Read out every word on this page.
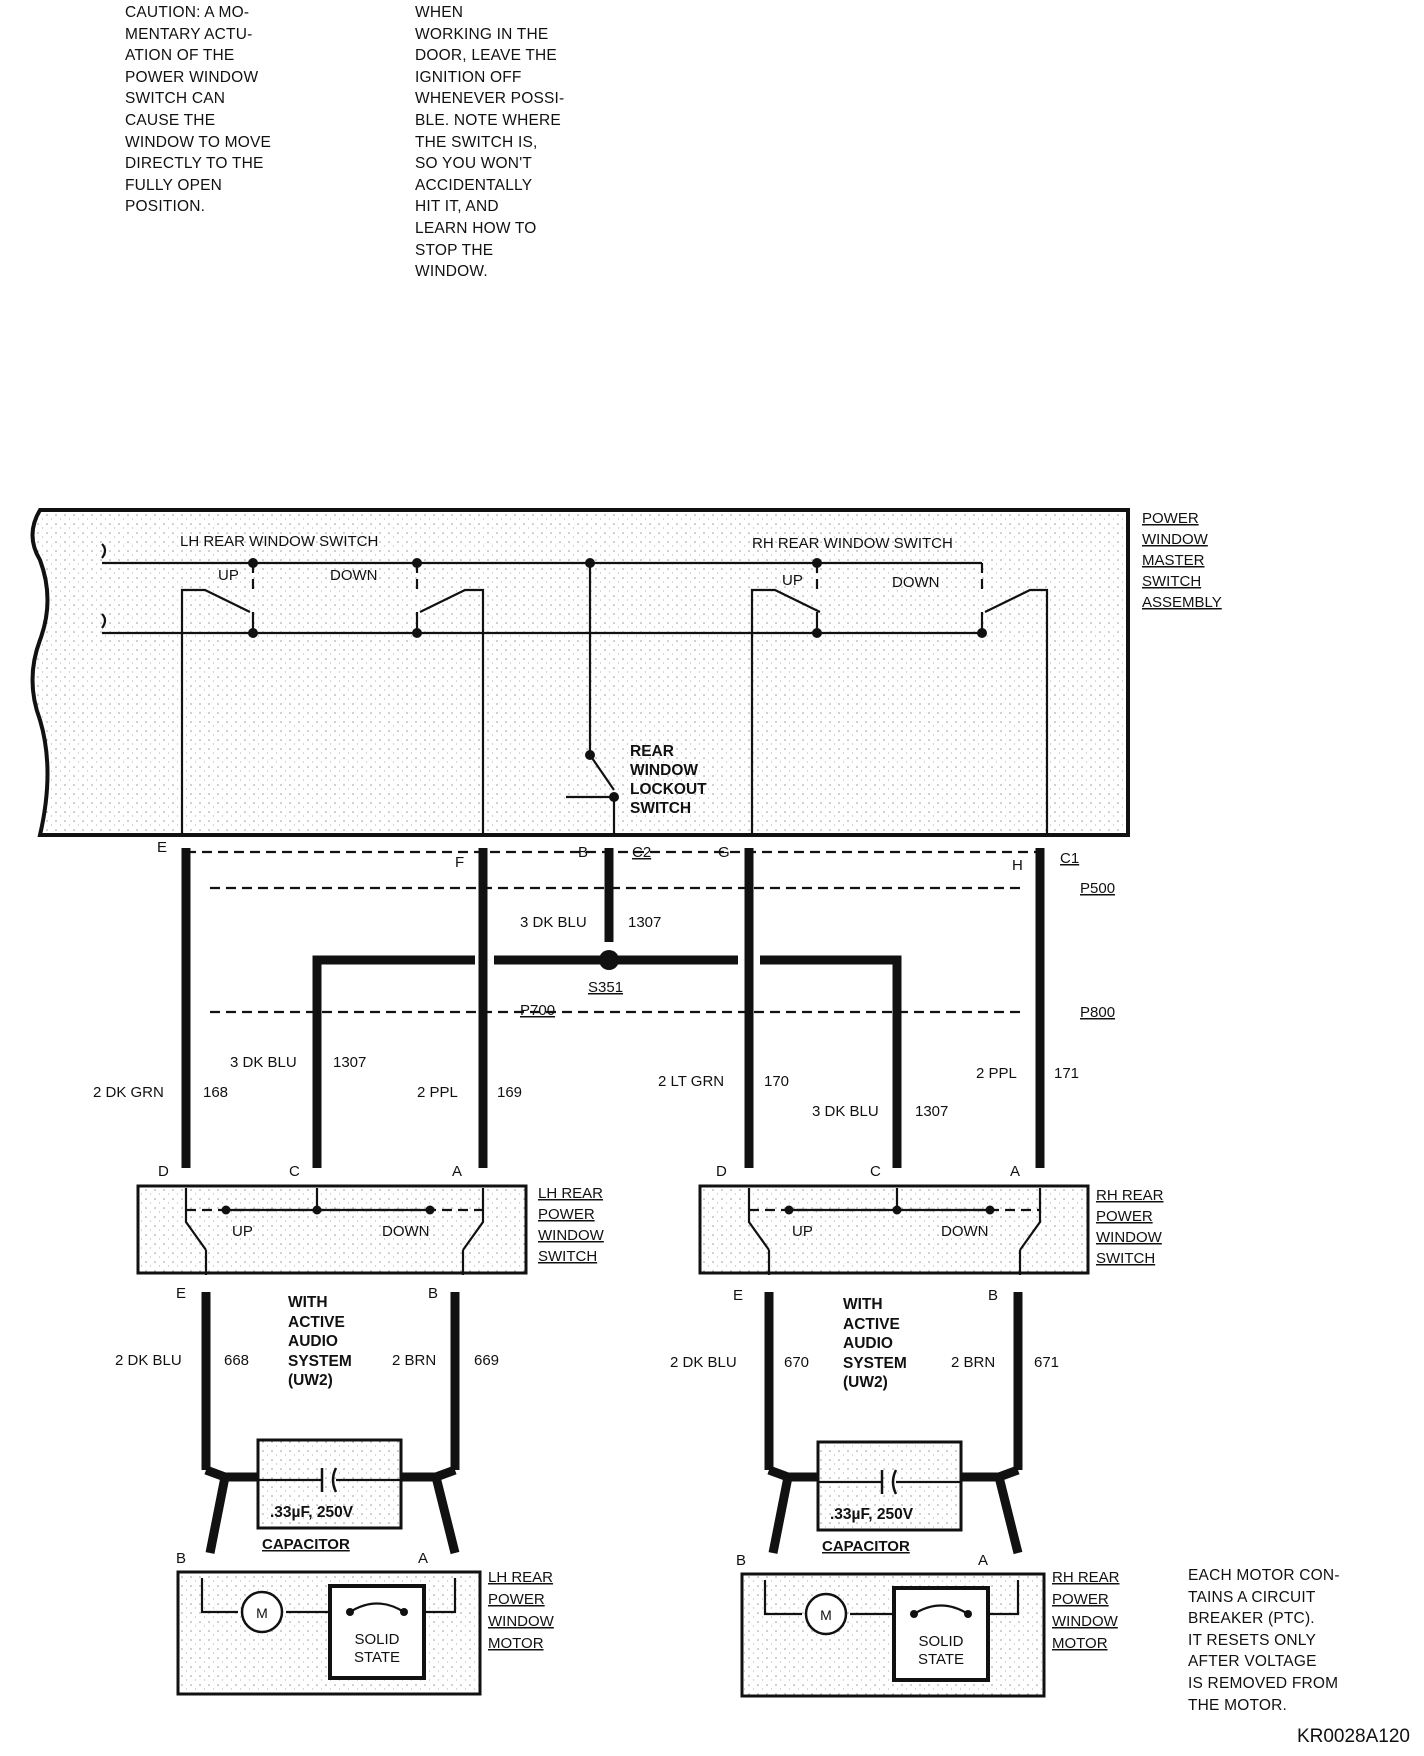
CAUTION: A MO-
MENTARY ACTU-
ATION OF THE
POWER WINDOW
SWITCH CAN
CAUSE THE
WINDOW TO MOVE
DIRECTLY TO THE
FULLY OPEN
POSITION.
WHEN
WORKING IN THE
DOOR, LEAVE THE
IGNITION OFF
WHENEVER POSSI-
BLE. NOTE WHERE
THE SWITCH IS,
SO YOU WON'T
ACCIDENTALLY
HIT IT, AND
LEARN HOW TO
STOP THE
WINDOW.
EACH MOTOR CON-
TAINS A CIRCUIT
BREAKER (PTC).
IT RESETS ONLY
AFTER VOLTAGE
IS REMOVED FROM
THE MOTOR.
KR0028A120
LH REAR WINDOW SWITCH	RH REAR WINDOW SWITCH
UP	DOWN	UP	DOWN
REAR
WINDOW
LOCKOUT
SWITCH
POWER
WINDOW
MASTER
SWITCH
ASSEMBLY
E
F
B	C2	G
H C1
P500
P700	P800
S351
3 DK BLU	1307
3 DK BLU 1307
2 DK GRN	168	2 PPL	169
2 LT GRN	170
3 DK BLU 1307
2 PPL 171
D	C	A
UP	DOWN
LH REAR
POWER
WINDOW
SWITCH
D	C	A
UP	DOWN
RH REAR
POWER
WINDOW
SWITCH
E	B	E	B
2 DK BLU	668	2 BRN	669	2 DK BLU	670	2 BRN	671
WITH
ACTIVE
AUDIO
SYSTEM
(UW2)
WITH
ACTIVE
AUDIO
SYSTEM
(UW2)
.33µF, 250V
CAPACITOR
.33µF, 250V
CAPACITOR
M
SOLID
STATE
B	A
LH REAR
POWER
WINDOW
MOTOR
M
SOLID
STATE
B	A
RH REAR
POWER
WINDOW
MOTOR
